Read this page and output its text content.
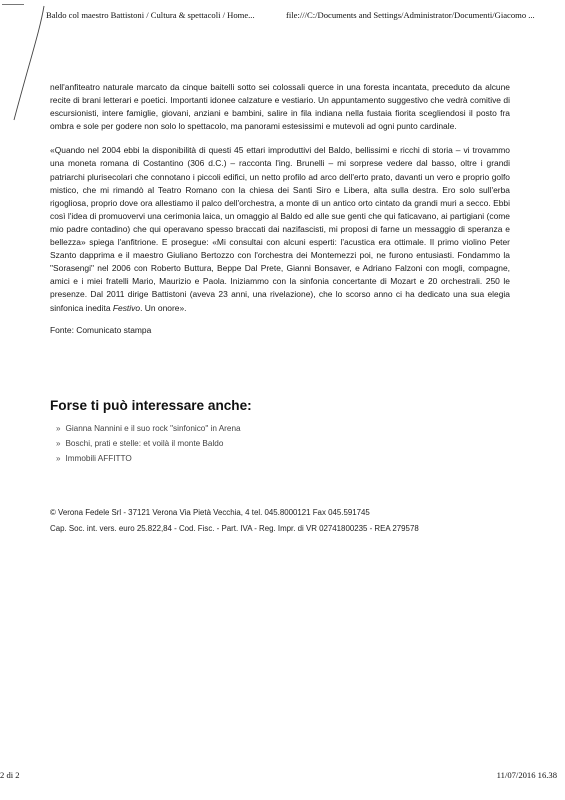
Baldo col maestro Battistoni / Cultura & spettacoli / Home...	file:///C:/Documents and Settings/Administrator/Documenti/Giacomo ...

nell'anfiteatro naturale marcato da cinque baitelli sotto sei colossali querce in una foresta incantata, preceduto da alcune recite di brani letterari e poetici. Importanti idonee calzature e vestiario. Un appuntamento suggestivo che vedrà comitive di escursionisti, intere famiglie, giovani, anziani e bambini, salire in fila indiana nella fustaia fiorita scegliendosi il posto fra ombra e sole per godere non solo lo spettacolo, ma panorami estesissimi e mutevoli ad ogni punto cardinale.

«Quando nel 2004 ebbi la disponibilità di questi 45 ettari improduttivi del Baldo, bellissimi e ricchi di storia – vi trovammo una moneta romana di Costantino (306 d.C.) – racconta l'ing. Brunelli – mi sorprese vedere dal basso, oltre i grandi patriarchi plurisecolari che connotano i piccoli edifici, un netto profilo ad arco dell'erto prato, davanti un vero e proprio golfo mistico, che mi rimandò al Teatro Romano con la chiesa dei Santi Siro e Libera, alta sulla destra. Ero solo sull'erba rigogliosa, proprio dove ora allestiamo il palco dell'orchestra, a monte di un antico orto cintato da grandi muri a secco. Ebbi così l'idea di promuovervi una cerimonia laica, un omaggio al Baldo ed alle sue genti che qui faticavano, ai partigiani (come mio padre contadino) che qui operavano spesso braccati dai nazifascisti, mi proposi di farne un messaggio di speranza e bellezza» spiega l'anfitrione. E prosegue: «Mi consultai con alcuni esperti: l'acustica era ottimale. Il primo violino Peter Szanto dapprima e il maestro Giuliano Bertozzo con l'orchestra dei Montemezzi poi, ne furono entusiasti. Fondammo la "Sorasengi" nel 2006 con Roberto Buttura, Beppe Dal Prete, Gianni Bonsaver, e Adriano Falzoni con mogli, compagne, amici e i miei fratelli Mario, Maurizio e Paola. Iniziammo con la sinfonia concertante di Mozart e 20 orchestrali. 250 le presenze. Dal 2011 dirige Battistoni (aveva 23 anni, una rivelazione), che lo scorso anno ci ha dedicato una sua elegia sinfonica inedita Festivo. Un onore».

Fonte: Comunicato stampa

Forse ti può interessare anche:
» Gianna Nannini e il suo rock "sinfonico" in Arena
» Boschi, prati e stelle: et voilà il monte Baldo
» Immobili AFFITTO
© Verona Fedele Srl - 37121 Verona Via Pietà Vecchia, 4 tel. 045.8000121 Fax 045.591745
Cap. Soc. int. vers. euro 25.822,84 - Cod. Fisc. - Part. IVA - Reg. Impr. di VR 02741800235 - REA 279578
2 di 2	11/07/2016 16.38
